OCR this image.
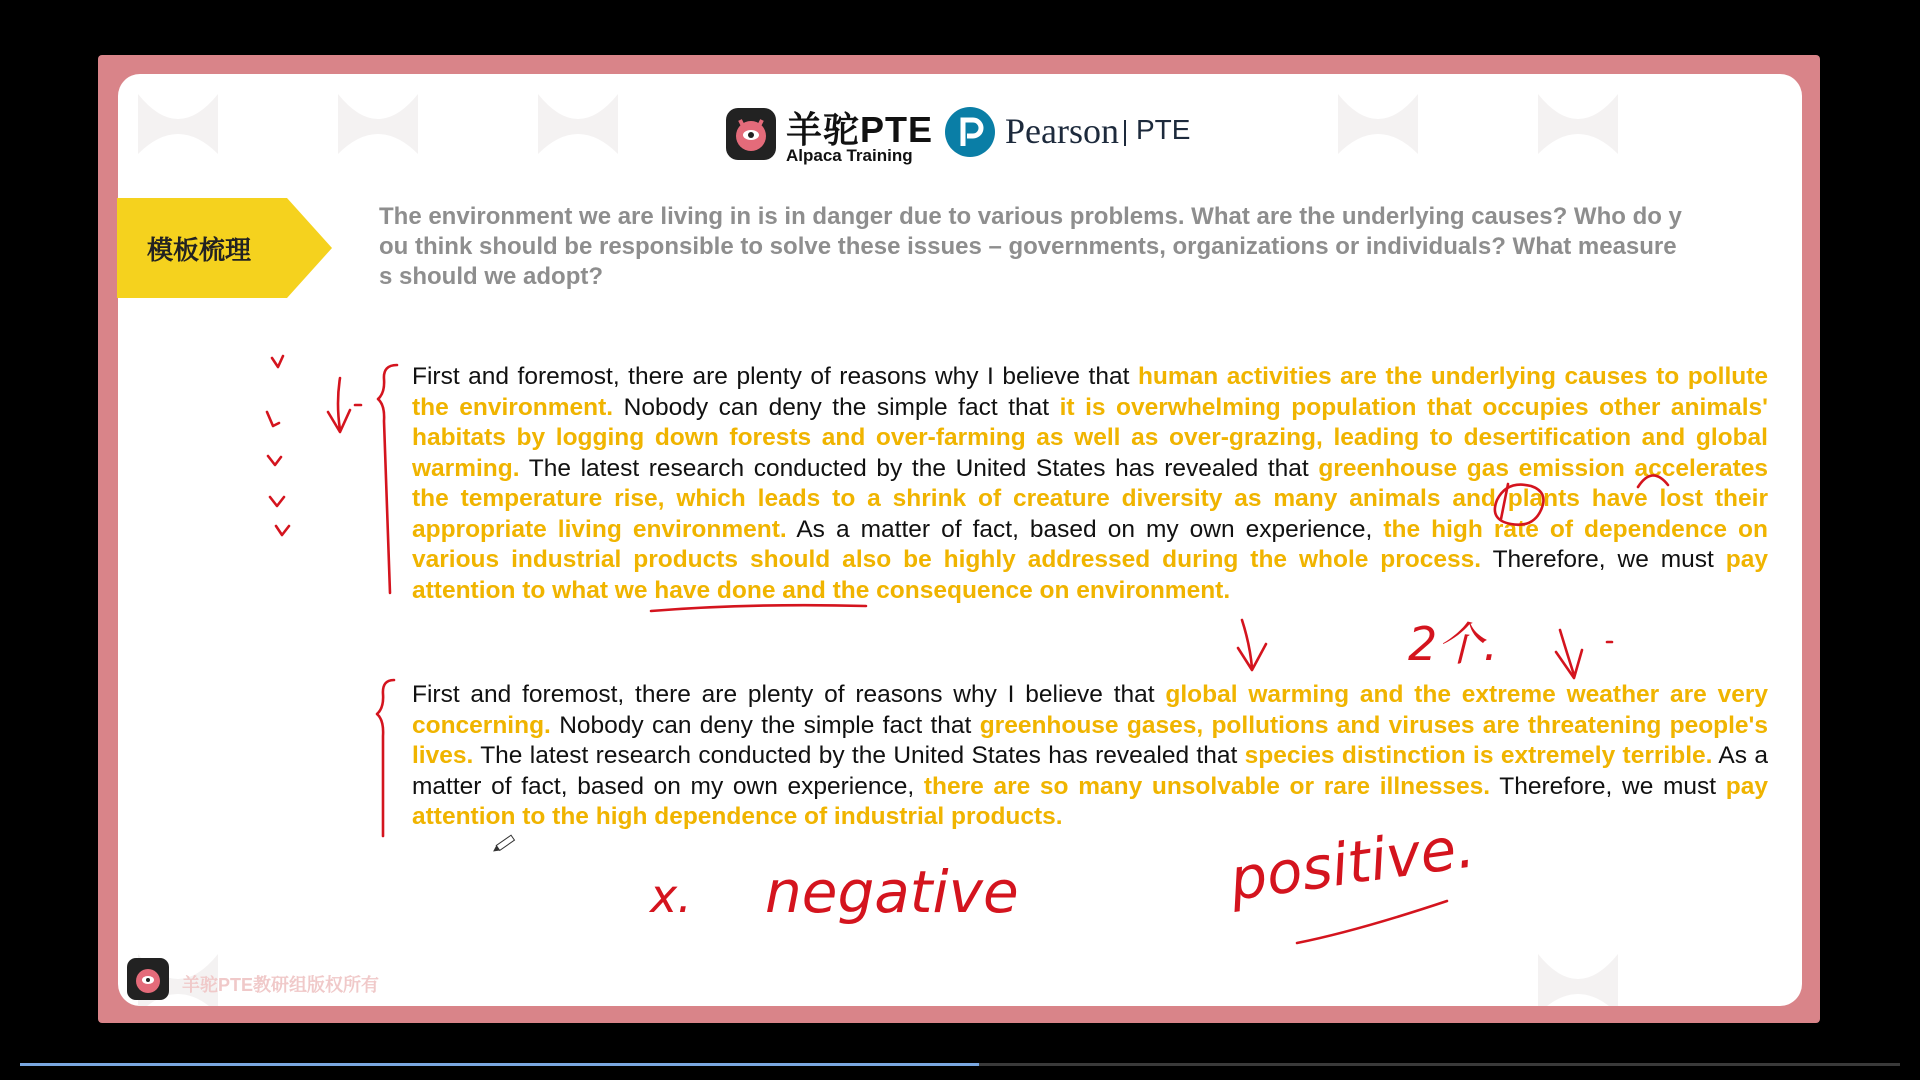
羊驼PTE
Alpaca Training
Pearson PTE
模板梳理
The environment we are living in is in danger due to various problems. What are the underlying causes? Who do you think should be responsible to solve these issues – governments, organizations or individuals? What measures should we adopt?
First and foremost, there are plenty of reasons why I believe that human activities are the underlying causes to pollute the environment. Nobody can deny the simple fact that it is overwhelming population that occupies other animals' habitats by logging down forests and over-farming as well as over-grazing, leading to desertification and global warming. The latest research conducted by the United States has revealed that greenhouse gas emission accelerates the temperature rise, which leads to a shrink of creature diversity as many animals and plants have lost their appropriate living environment. As a matter of fact, based on my own experience, the high rate of dependence on various industrial products should also be highly addressed during the whole process. Therefore, we must pay attention to what we have done and the consequence on environment.
First and foremost, there are plenty of reasons why I believe that global warming and the extreme weather are very concerning. Nobody can deny the simple fact that greenhouse gases, pollutions and viruses are threatening people's lives. The latest research conducted by the United States has revealed that species distinction is extremely terrible. As a matter of fact, based on my own experience, there are so many unsolvable or rare illnesses. Therefore, we must pay attention to the high dependence of industrial products.
羊驼PTE教研组版权所有
2个.
x. negative	positive.
